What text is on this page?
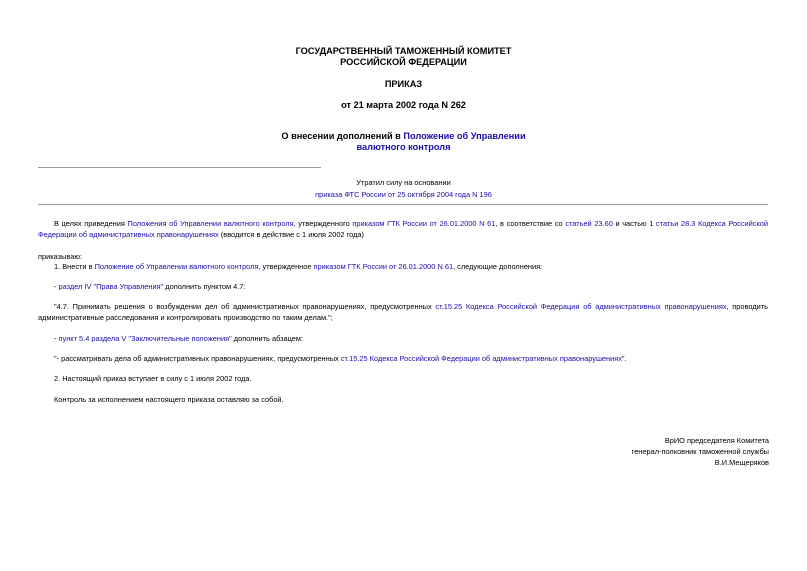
ГОСУДАРСТВЕННЫЙ ТАМОЖЕННЫЙ КОМИТЕТ
РОССИЙСКОЙ ФЕДЕРАЦИИ
ПРИКАЗ
от 21 марта 2002 года N 262
О внесении дополнений в Положение об Управлении
валютного контроля
Утратил силу на основании
приказа ФТС России от 25 октября 2004 года N 196
В целях приведения Положения об Управлении валютного контроля, утвержденного приказом ГТК России от 26.01.2000 N 61, в соответствие со статьей 23.60 и частью 1 статьи 28.3 Кодекса Российской Федерации об административных правонарушениях (вводится в действие с 1 июля 2002 года)
приказываю:
1. Внести в Положение об Управлении валютного контроля, утвержденное приказом ГТК России от 26.01.2000 N 61, следующие дополнения:
- раздел IV "Права Управления" дополнить пунктом 4.7:
"4.7. Принимать решения о возбуждении дел об административных правонарушениях, предусмотренных ст.15.25 Кодекса Российской Федерации об административных правонарушениях, проводить административные расследования и контролировать производство по таким делам.";
- пункт 5.4 раздела V "Заключительные положения" дополнить абзацем:
"- рассматривать дела об административных правонарушениях, предусмотренных ст.15.25 Кодекса Российской Федерации об административных правонарушениях".
2. Настоящий приказ вступает в силу с 1 июля 2002 года.
Контроль за исполнением настоящего приказа оставляю за собой.
ВрИО председателя Комитета
генерал-полковник таможенной службы
В.И.Мещеряков
